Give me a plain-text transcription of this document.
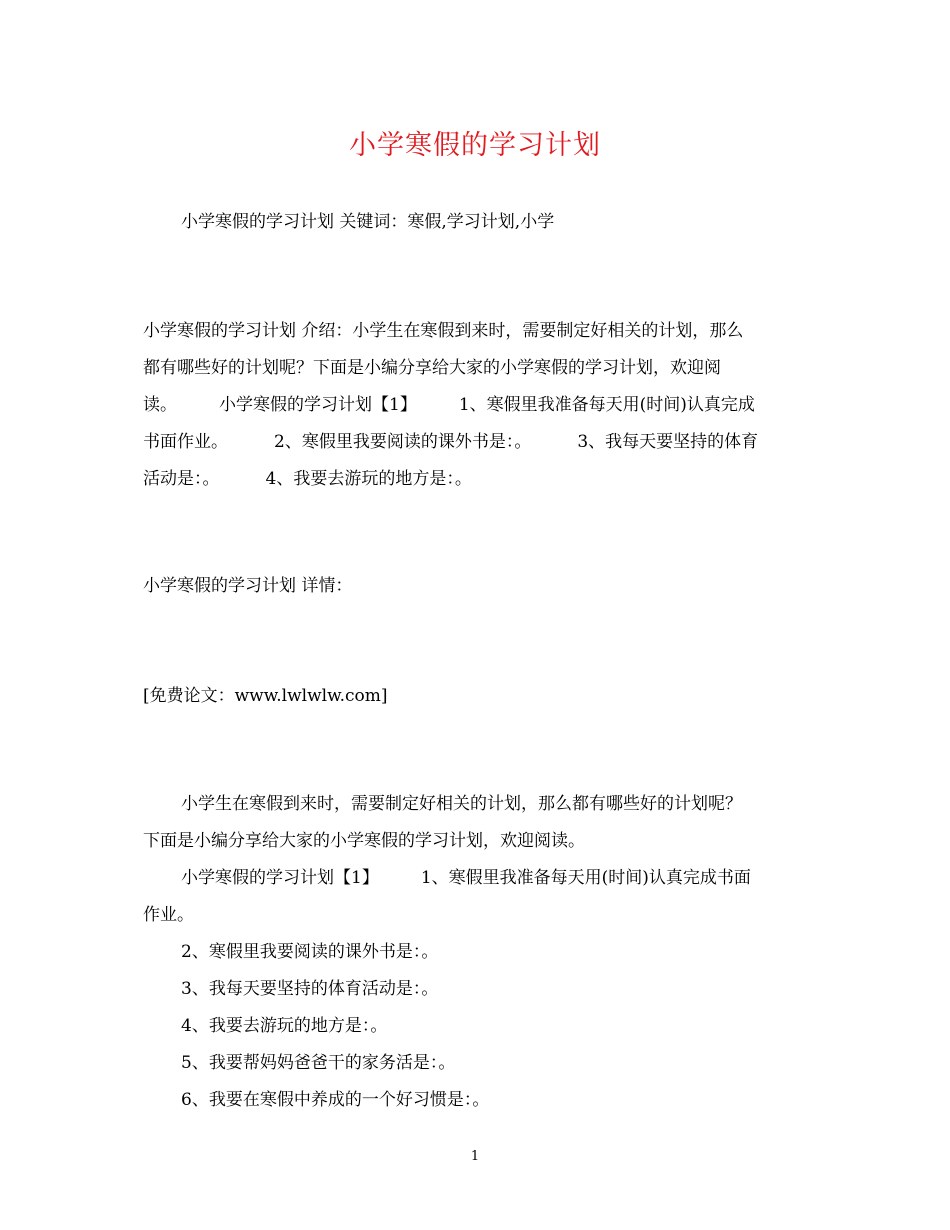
小学寒假的学习计划

小学寒假的学习计划 关键词：寒假,学习计划,小学

小学寒假的学习计划 介绍：小学生在寒假到来时，需要制定好相关的计划，那么
都有哪些好的计划呢？下面是小编分享给大家的小学寒假的学习计划，欢迎阅
读。 小学寒假的学习计划【1】 1、寒假里我准备每天用(时间)认真完成
书面作业。	2、寒假里我要阅读的课外书是：。	3、我每天要坚持的体育
活动是：。	4、我要去游玩的地方是：。

小学寒假的学习计划 详情：

[免费论文：www.lwlwlw.com]

小学生在寒假到来时，需要制定好相关的计划，那么都有哪些好的计划呢？
下面是小编分享给大家的小学寒假的学习计划，欢迎阅读。
小学寒假的学习计划【1】 1、寒假里我准备每天用(时间)认真完成书面
作业。
2、寒假里我要阅读的课外书是：。
3、我每天要坚持的体育活动是：。
4、我要去游玩的地方是：。
5、我要帮妈妈爸爸干的家务活是：。
6、我要在寒假中养成的一个好习惯是：。
1
